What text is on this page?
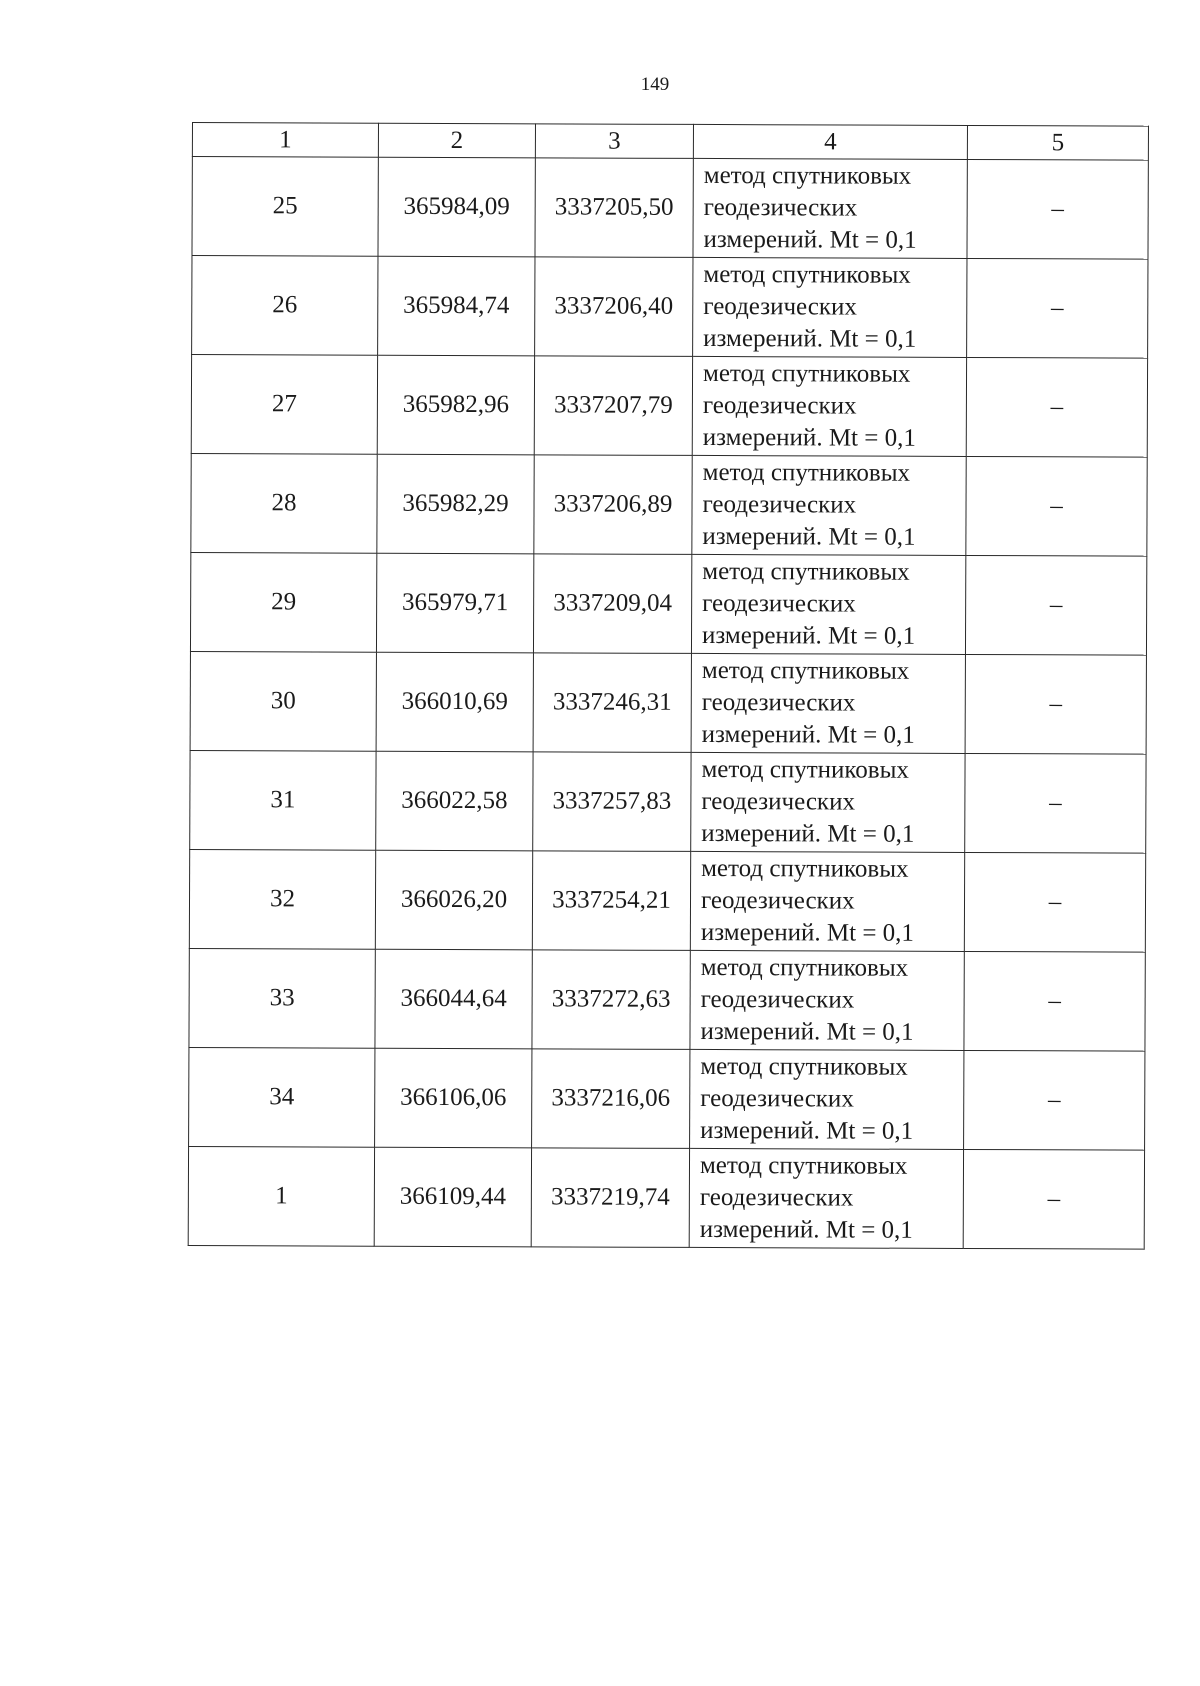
149
1	2	3	4	5
25	365984,09	3337205,50	метод спутниковых
геодезических
измерений. Mt = 0,1	–
26	365984,74	3337206,40	метод спутниковых
геодезических
измерений. Mt = 0,1	–
27	365982,96	3337207,79	метод спутниковых
геодезических
измерений. Mt = 0,1	–
28	365982,29	3337206,89	метод спутниковых
геодезических
измерений. Mt = 0,1	–
29	365979,71	3337209,04	метод спутниковых
геодезических
измерений. Mt = 0,1	–
30	366010,69	3337246,31	метод спутниковых
геодезических
измерений. Mt = 0,1	–
31	366022,58	3337257,83	метод спутниковых
геодезических
измерений. Mt = 0,1	–
32	366026,20	3337254,21	метод спутниковых
геодезических
измерений. Mt = 0,1	–
33	366044,64	3337272,63	метод спутниковых
геодезических
измерений. Mt = 0,1	–
34	366106,06	3337216,06	метод спутниковых
геодезических
измерений. Mt = 0,1	–
1	366109,44	3337219,74	метод спутниковых
геодезических
измерений. Mt = 0,1	–
